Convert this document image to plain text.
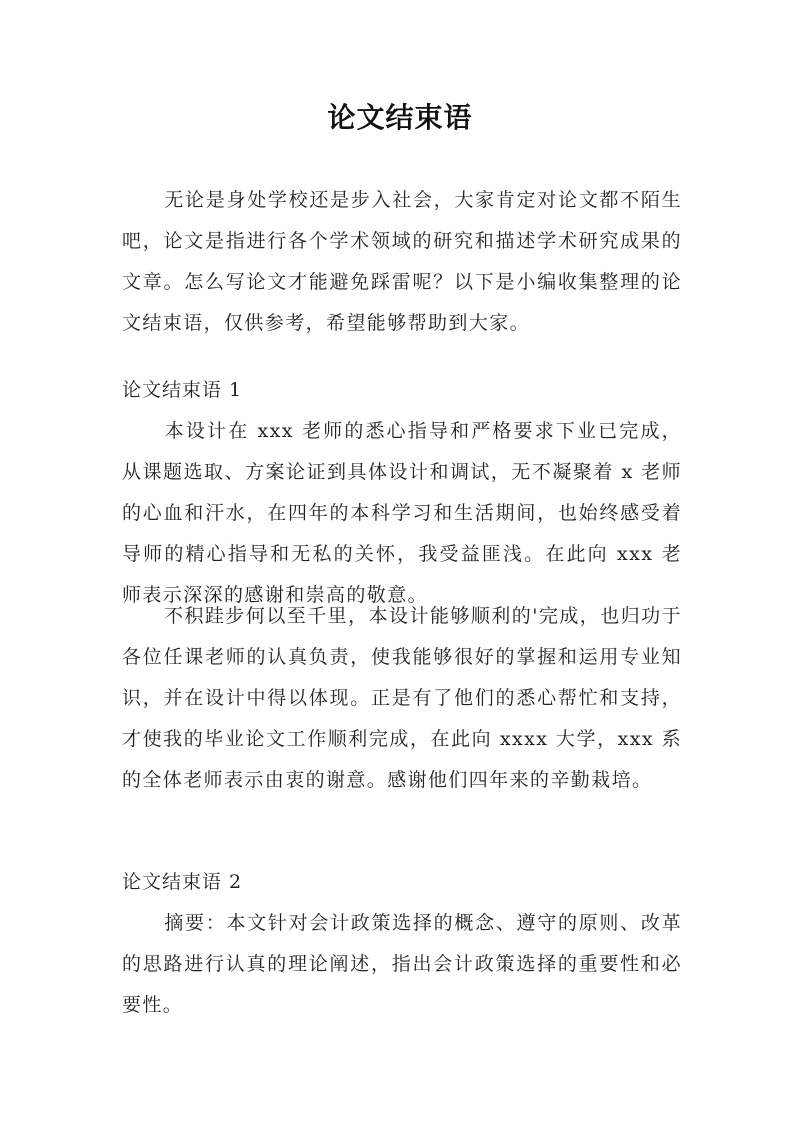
论文结束语

无论是身处学校还是步入社会，大家肯定对论文都不陌生吧，论文是指进行各个学术领域的研究和描述学术研究成果的文章。怎么写论文才能避免踩雷呢？以下是小编收集整理的论文结束语，仅供参考，希望能够帮助到大家。

论文结束语 1

本设计在 xxx 老师的悉心指导和严格要求下业已完成，从课题选取、方案论证到具体设计和调试，无不凝聚着 x 老师的心血和汗水，在四年的本科学习和生活期间，也始终感受着导师的精心指导和无私的关怀，我受益匪浅。在此向 xxx 老师表示深深的感谢和崇高的敬意。

不积跬步何以至千里，本设计能够顺利的'完成，也归功于各位任课老师的认真负责，使我能够很好的掌握和运用专业知识，并在设计中得以体现。正是有了他们的悉心帮忙和支持，才使我的毕业论文工作顺利完成，在此向 xxxx 大学，xxx 系的全体老师表示由衷的谢意。感谢他们四年来的辛勤栽培。

论文结束语 2

摘要：本文针对会计政策选择的概念、遵守的原则、改革的思路进行认真的理论阐述，指出会计政策选择的重要性和必要性。
